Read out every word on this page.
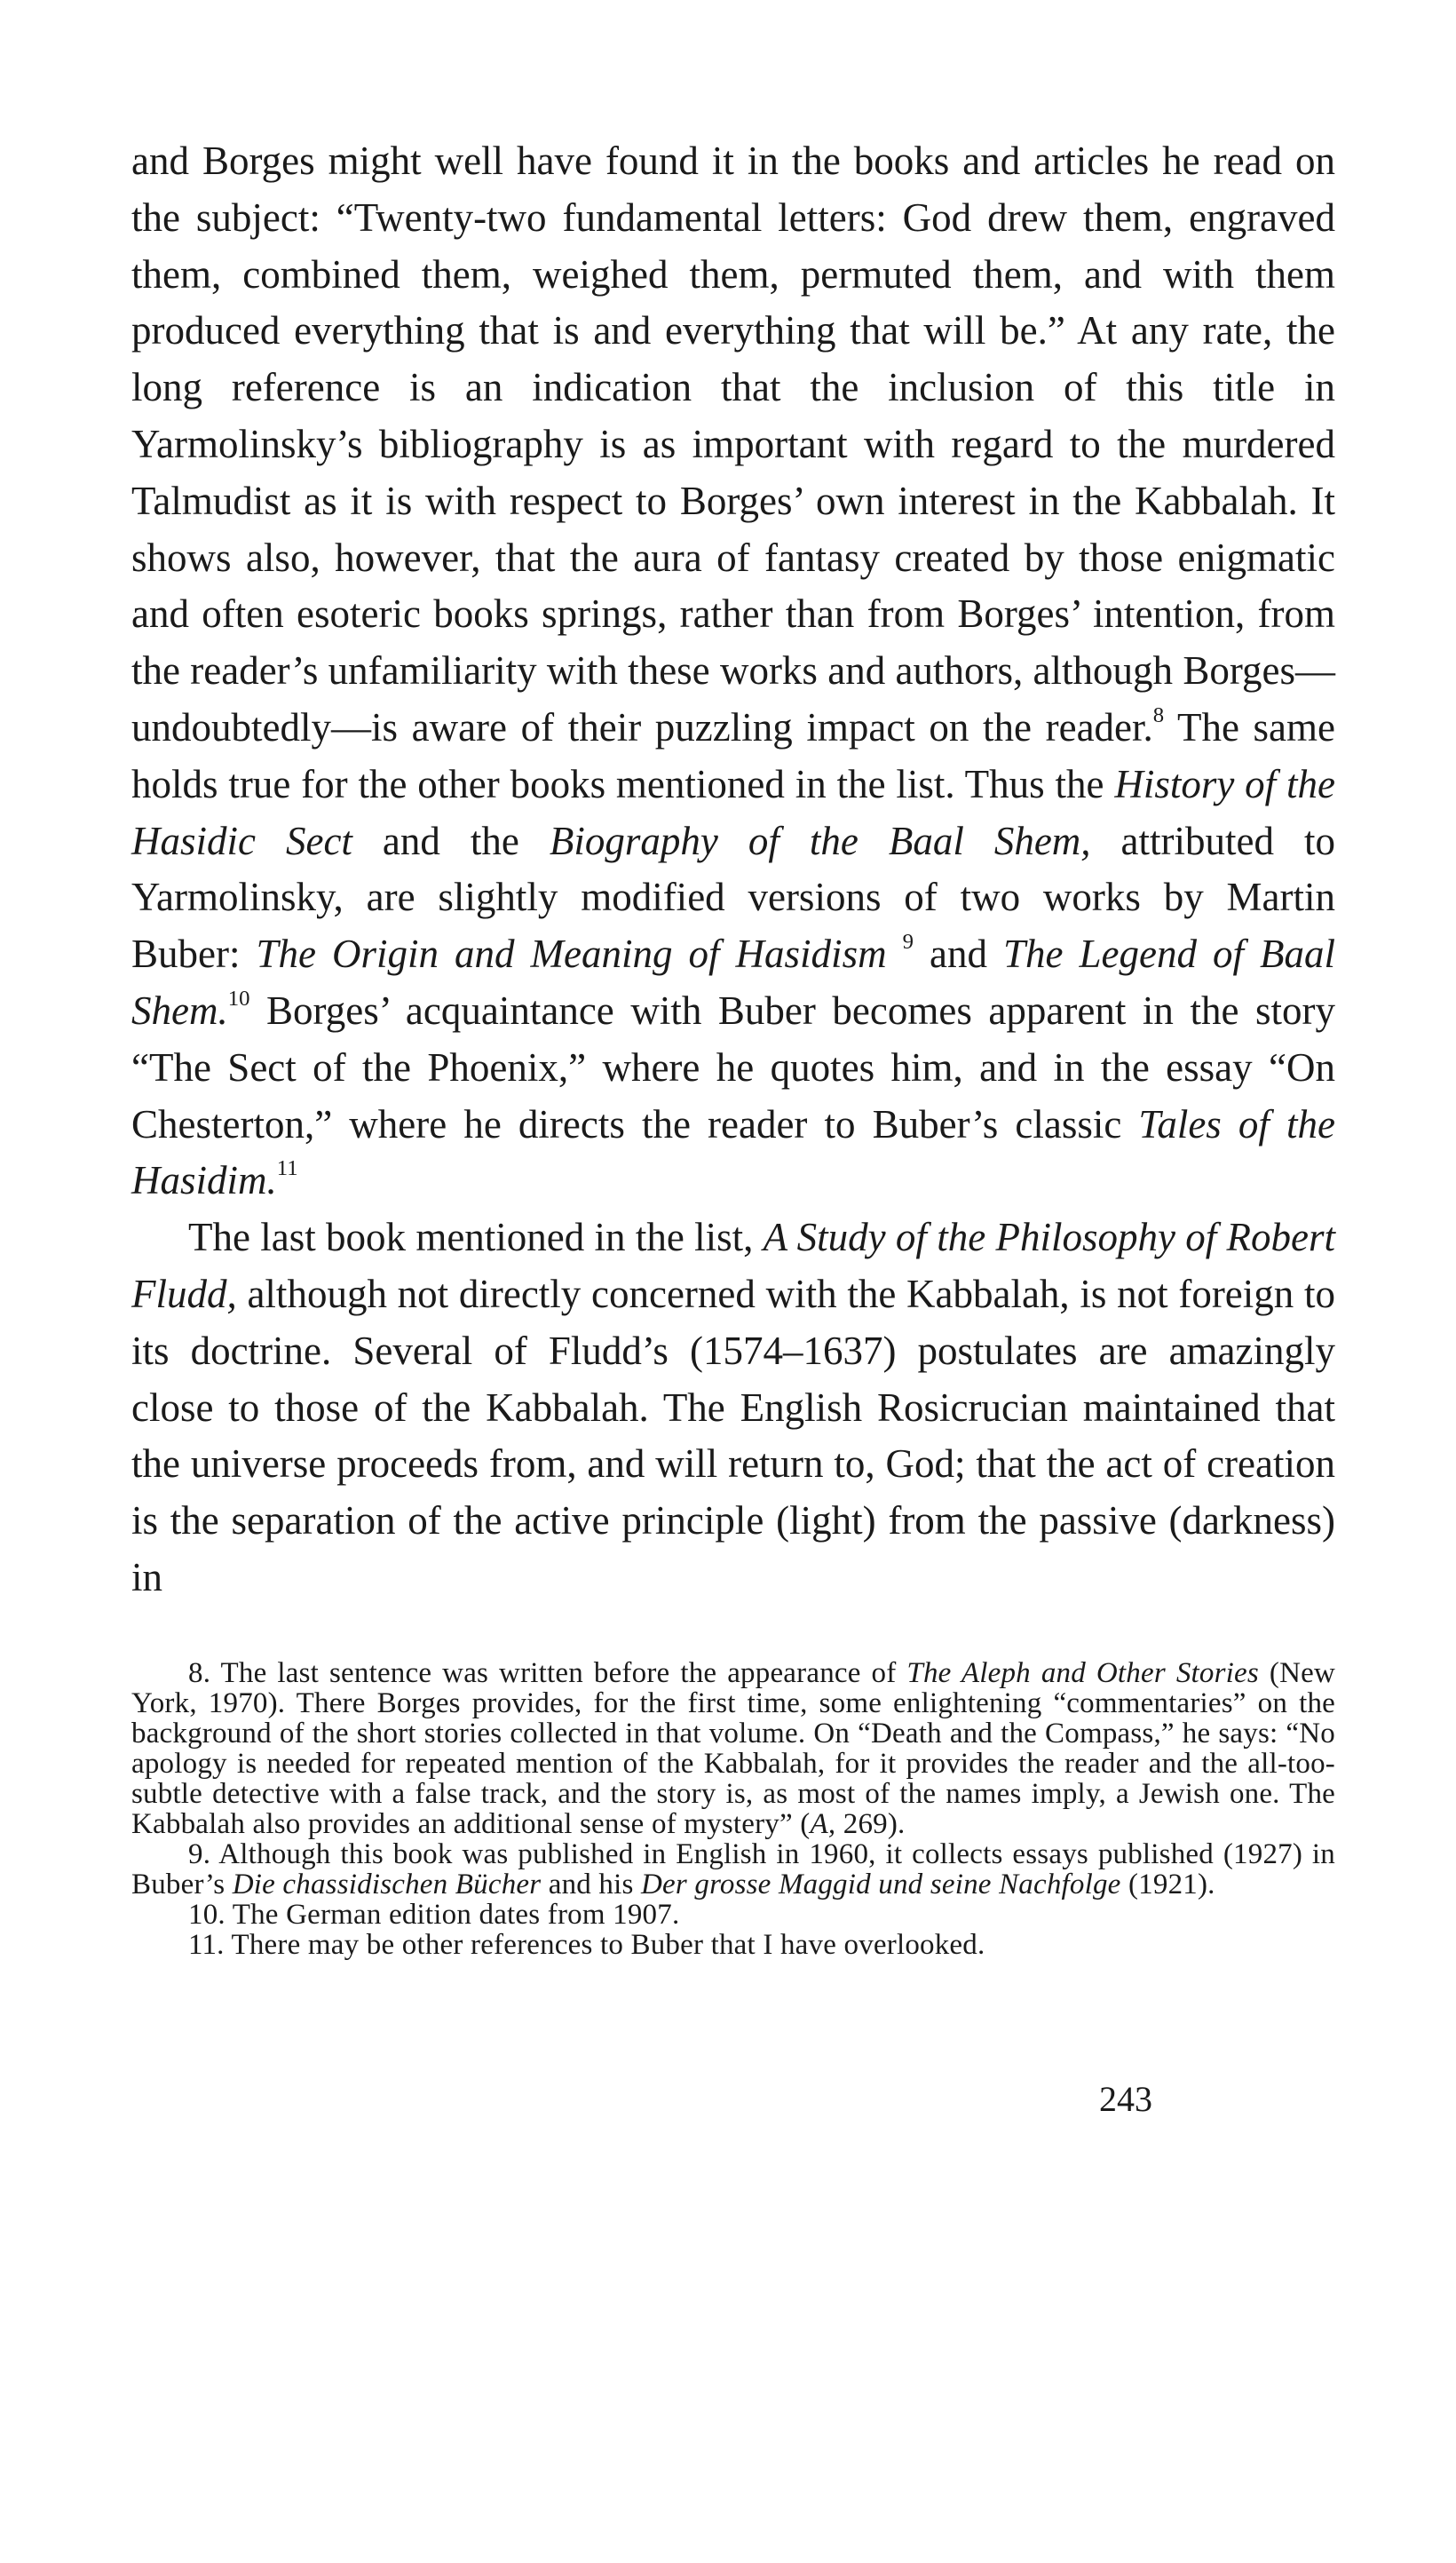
and Borges might well have found it in the books and articles he read on the subject: “Twenty-two fundamental letters: God drew them, engraved them, combined them, weighed them, permuted them, and with them produced everything that is and everything that will be.” At any rate, the long reference is an indication that the inclusion of this title in Yarmolinsky’s bibliography is as important with regard to the murdered Talmudist as it is with respect to Borges’ own interest in the Kabbalah. It shows also, however, that the aura of fantasy created by those enigmatic and often esoteric books springs, rather than from Borges’ intention, from the reader’s unfamiliarity with these works and authors, although Borges—undoubtedly—is aware of their puzzling impact on the reader.$^8$ The same holds true for the other books mentioned in the list. Thus the History of the Hasidic Sect and the Biography of the Baal Shem, attributed to Yarmolinsky, are slightly modified versions of two works by Martin Buber: The Origin and Meaning of Hasidism $^9$ and The Legend of Baal Shem.$^{10}$ Borges’ acquaintance with Buber becomes apparent in the story “The Sect of the Phoenix,” where he quotes him, and in the essay “On Chesterton,” where he directs the reader to Buber’s classic Tales of the Hasidim.$^{11}$

The last book mentioned in the list, A Study of the Philosophy of Robert Fludd, although not directly concerned with the Kabbalah, is not foreign to its doctrine. Several of Fludd’s (1574–1637) postulates are amazingly close to those of the Kabbalah. The English Rosicrucian maintained that the universe proceeds from, and will return to, God; that the act of creation is the separation of the active principle (light) from the passive (darkness) in

8. The last sentence was written before the appearance of The Aleph and Other Stories (New York, 1970). There Borges provides, for the first time, some enlightening “commentaries” on the background of the short stories collected in that volume. On “Death and the Compass,” he says: “No apology is needed for repeated mention of the Kabbalah, for it provides the reader and the all-too-subtle detective with a false track, and the story is, as most of the names imply, a Jewish one. The Kabbalah also provides an additional sense of mystery” (A, 269).

9. Although this book was published in English in 1960, it collects essays published (1927) in Buber’s Die chassidischen Bücher and his Der grosse Maggid und seine Nachfolge (1921).

10. The German edition dates from 1907.

11. There may be other references to Buber that I have overlooked.

243
